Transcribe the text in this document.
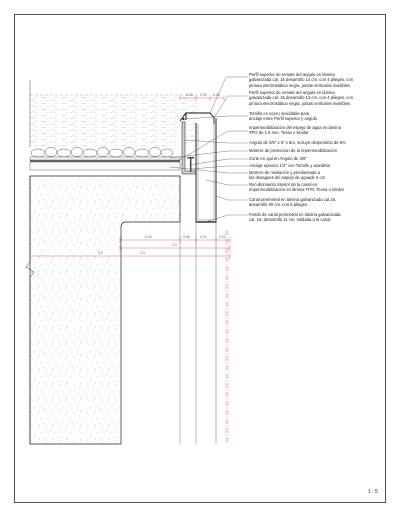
0.03 0.05 0.05
0.15	0.06	0.10	0.02
0.3
0.3
0.5
Perfil superior de remate del angulo en lámina
galvanizada cal. 16 desarrollo 14 cm. con 4 plieges, con
pintura electrostática negra, juntas verticales invisibles
Perfil superior de remate del angulo en lámina
galvanizada cal. 16 desarrollo 14 cm. con 4 plieges, con
pintura electrostática negra, juntas verticales invisibles
Tornillo en acero inoxidable para
anclaje entre Perfil superior y angulo
Impermeabilización del espejo de agua en lámina
TPO de 1.5 mm, Texsa o similar
Angulo de 3/8" x 6" x 6m, incluye desperdicio de 5%
Mortero de proteccion de la impermeabilización
Corte en ojal en Angulo de 3/8"
Anclaje epoxico 1/2" con Tornillo y arandela
Mortero de nivelación y pendientado a
los desagues del espejo de aguade 5 cm
Recubrimiento interior de la canal en
Impermeabilización en lámina TPO, Texsa o similar
Canal perimetral en lámina galvanizada cal.16,
desarrollo 90 cm. con 6 plieges
Fondo de canal perimetral en lámina galvanizada
cal. 16, desarrollo 11 cm, soldada a la canal
1 : 5
